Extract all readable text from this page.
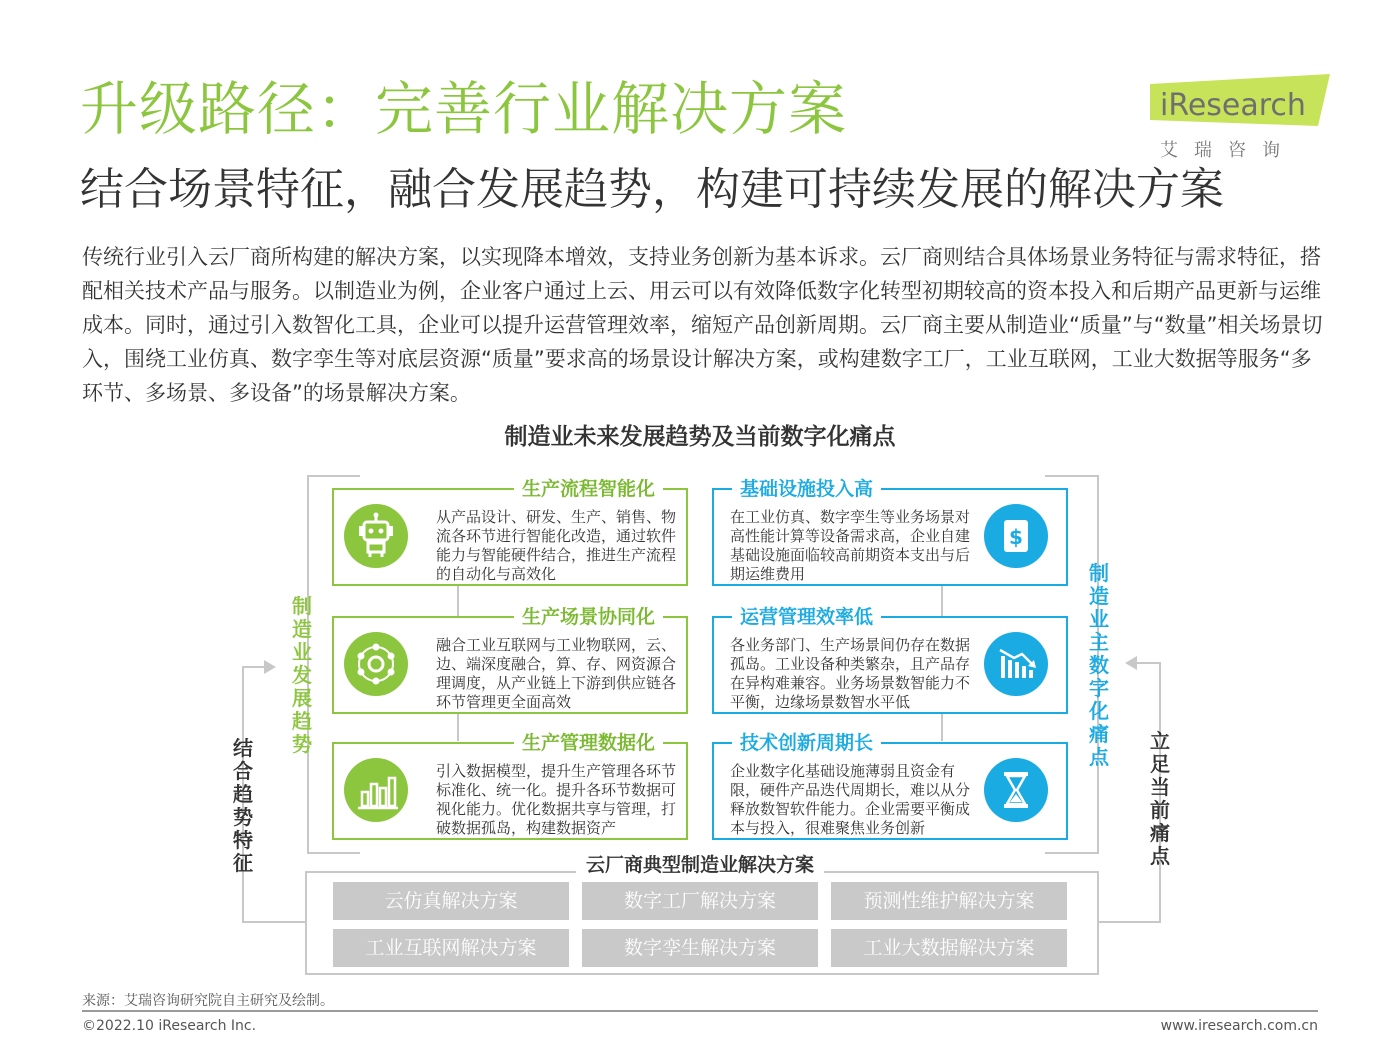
升级路径：完善行业解决方案
结合场景特征，融合发展趋势，构建可持续发展的解决方案
iResearch
艾瑞咨询
传统行业引入云厂商所构建的解决方案，以实现降本增效，支持业务创新为基本诉求。云厂商则结合具体场景业务特征与需求特征，搭配相关技术产品与服务。以制造业为例，企业客户通过上云、用云可以有效降低数字化转型初期较高的资本投入和后期产品更新与运维成本。同时，通过引入数智化工具，企业可以提升运营管理效率，缩短产品创新周期。云厂商主要从制造业“质量”与“数量”相关场景切入，围绕工业仿真、数字孪生等对底层资源“质量”要求高的场景设计解决方案，或构建数字工厂，工业互联网，工业大数据等服务“多环节、多场景、多设备”的场景解决方案。
制造业未来发展趋势及当前数字化痛点
制造业发展趋势
结合趋势特征
制造业主数字化痛点
立足当前痛点
生产流程智能化
从产品设计、研发、生产、销售、物流各环节进行智能化改造，通过软件能力与智能硬件结合，推进生产流程的自动化与高效化
生产场景协同化
融合工业互联网与工业物联网，云、边、端深度融合，算、存、网资源合理调度，从产业链上下游到供应链各环节管理更全面高效
生产管理数据化
引入数据模型，提升生产管理各环节标准化、统一化。提升各环节数据可视化能力。优化数据共享与管理，打破数据孤岛，构建数据资产
基础设施投入高
在工业仿真、数字孪生等业务场景对高性能计算等设备需求高，企业自建基础设施面临较高前期资本支出与后期运维费用
$
运营管理效率低
各业务部门、生产场景间仍存在数据孤岛。工业设备种类繁杂，且产品存在异构难兼容。业务场景数智能力不平衡，边缘场景数智水平低
技术创新周期长
企业数字化基础设施薄弱且资金有限，硬件产品迭代周期长，难以从分释放数智软件能力。企业需要平衡成本与投入，很难聚焦业务创新
云厂商典型制造业解决方案
云仿真解决方案	数字工厂解决方案	预测性维护解决方案
工业互联网解决方案	数字孪生解决方案	工业大数据解决方案
来源：艾瑞咨询研究院自主研究及绘制。
©2022.10 iResearch Inc.	www.iresearch.com.cn
